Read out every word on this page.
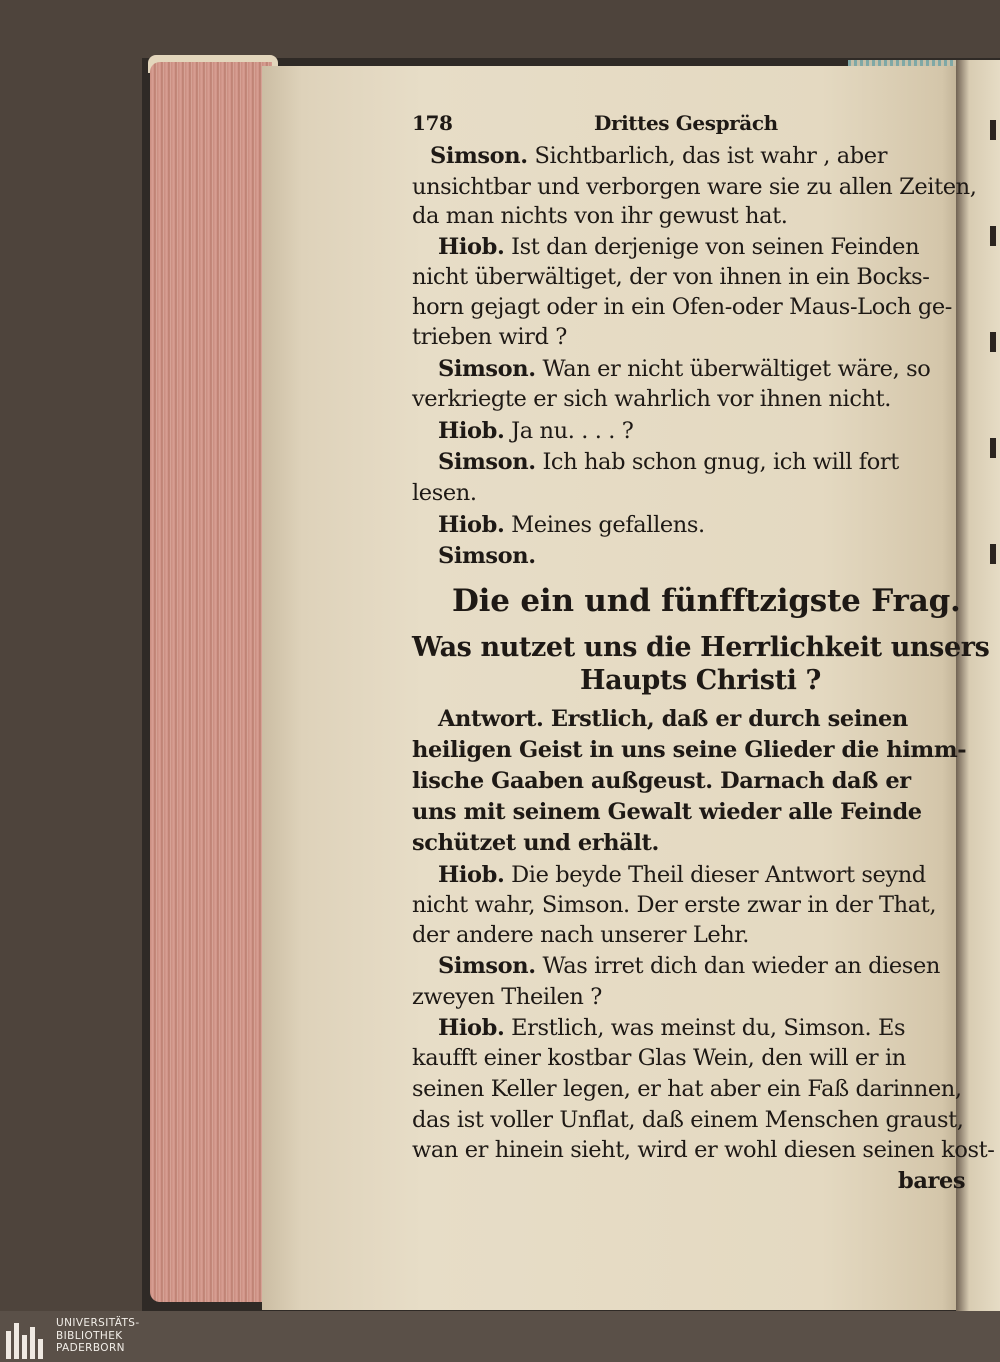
178	Drittes Gespräch
Simson. Sichtbarlich, das ist wahr , aber
unsichtbar und verborgen ware sie zu allen Zeiten,
da man nichts von ihr gewust hat.
Hiob. Ist dan derjenige von seinen Feinden
nicht überwältiget, der von ihnen in ein Bocks-
horn gejagt oder in ein Ofen-oder Maus-Loch ge-
trieben wird ?
Simson. Wan er nicht überwältiget wäre, so
verkriegte er sich wahrlich vor ihnen nicht.
Hiob. Ja nu. . . . ?
Simson. Ich hab schon gnug, ich will fort
lesen.
Hiob. Meines gefallens.
Simson.
Die ein und fünfftzigste Frag.
Was nutzet uns die Herrlichkeit unsers
Haupts Christi ?
Antwort. Erstlich, daß er durch seinen
heiligen Geist in uns seine Glieder die himm-
lische Gaaben außgeust. Darnach daß er
uns mit seinem Gewalt wieder alle Feinde
schützet und erhält.
Hiob. Die beyde Theil dieser Antwort seynd
nicht wahr, Simson. Der erste zwar in der That,
der andere nach unserer Lehr.
Simson. Was irret dich dan wieder an diesen
zweyen Theilen ?
Hiob. Erstlich, was meinst du, Simson. Es
kaufft einer kostbar Glas Wein, den will er in
seinen Keller legen, er hat aber ein Faß darinnen,
das ist voller Unflat, daß einem Menschen graust,
wan er hinein sieht, wird er wohl diesen seinen kost-
bares
UNIVERSITÄTS-
BIBLIOTHEK
PADERBORN
